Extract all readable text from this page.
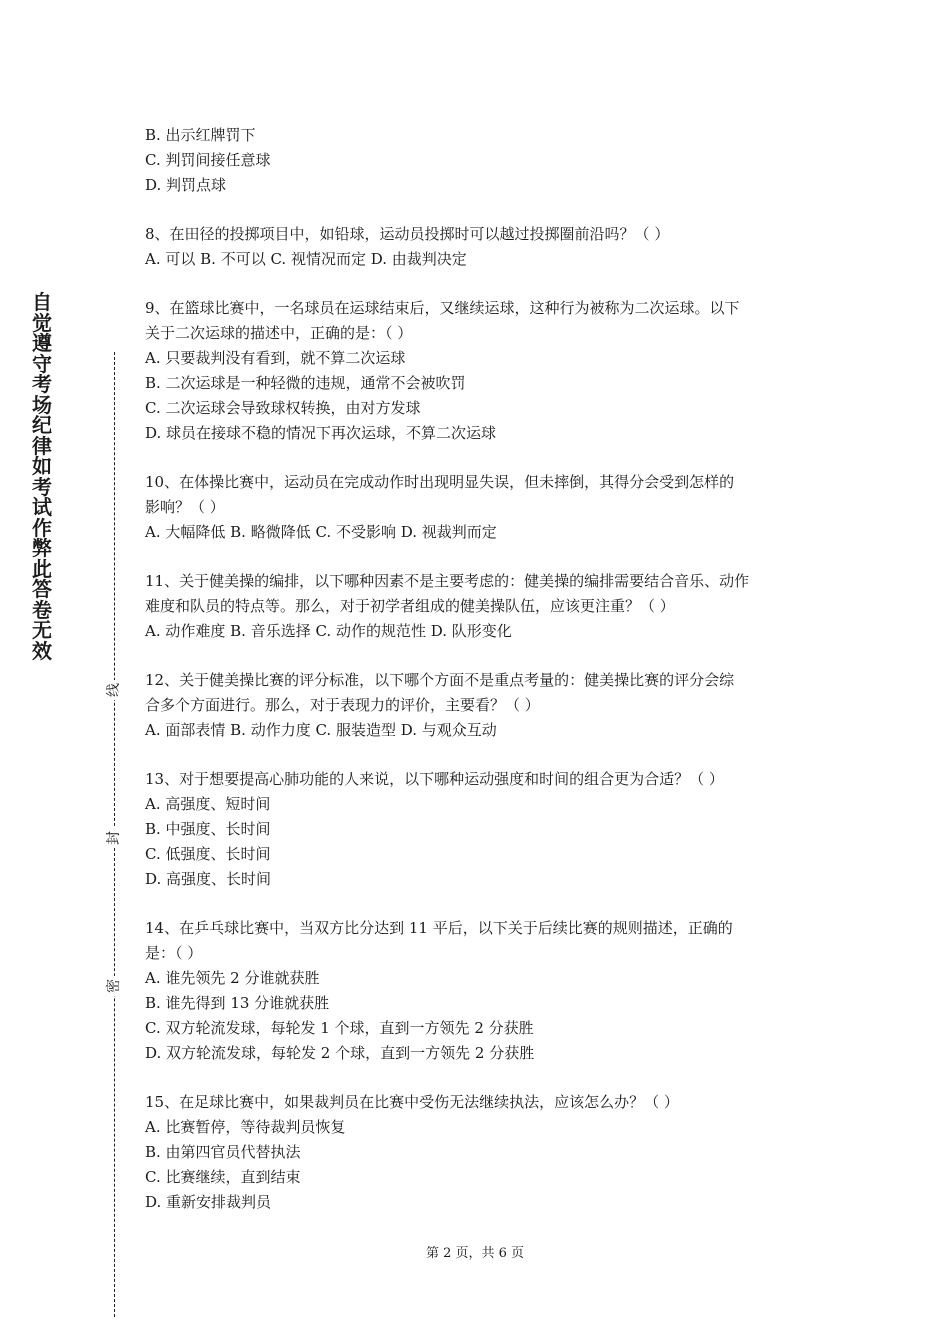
自觉遵守考场纪律如考试作弊此答卷无效
线
封
密

B. 出示红牌罚下

C. 判罚间接任意球

D. 判罚点球

8、在田径的投掷项目中，如铅球，运动员投掷时可以越过投掷圈前沿吗？（ ）

A. 可以 B. 不可以 C. 视情况而定 D. 由裁判决定

9、在篮球比赛中，一名球员在运球结束后，又继续运球，这种行为被称为二次运球。以下

关于二次运球的描述中，正确的是：（ ）

A. 只要裁判没有看到，就不算二次运球

B. 二次运球是一种轻微的违规，通常不会被吹罚

C. 二次运球会导致球权转换，由对方发球

D. 球员在接球不稳的情况下再次运球，不算二次运球

10、在体操比赛中，运动员在完成动作时出现明显失误，但未摔倒，其得分会受到怎样的

影响？（ ）

A. 大幅降低 B. 略微降低 C. 不受影响 D. 视裁判而定

11、关于健美操的编排，以下哪种因素不是主要考虑的：健美操的编排需要结合音乐、动作

难度和队员的特点等。那么，对于初学者组成的健美操队伍，应该更注重？（ ）

A. 动作难度 B. 音乐选择 C. 动作的规范性 D. 队形变化

12、关于健美操比赛的评分标准，以下哪个方面不是重点考量的：健美操比赛的评分会综

合多个方面进行。那么，对于表现力的评价，主要看？（ ）

A. 面部表情 B. 动作力度 C. 服装造型 D. 与观众互动

13、对于想要提高心肺功能的人来说，以下哪种运动强度和时间的组合更为合适？（ ）

A. 高强度、短时间

B. 中强度、长时间

C. 低强度、长时间

D. 高强度、长时间

14、在乒乓球比赛中，当双方比分达到 11 平后，以下关于后续比赛的规则描述，正确的

是：（ ）

A. 谁先领先 2 分谁就获胜

B. 谁先得到 13 分谁就获胜

C. 双方轮流发球，每轮发 1 个球，直到一方领先 2 分获胜

D. 双方轮流发球，每轮发 2 个球，直到一方领先 2 分获胜

15、在足球比赛中，如果裁判员在比赛中受伤无法继续执法，应该怎么办？（ ）

A. 比赛暂停，等待裁判员恢复

B. 由第四官员代替执法

C. 比赛继续，直到结束

D. 重新安排裁判员

第 2 页，共 6 页
